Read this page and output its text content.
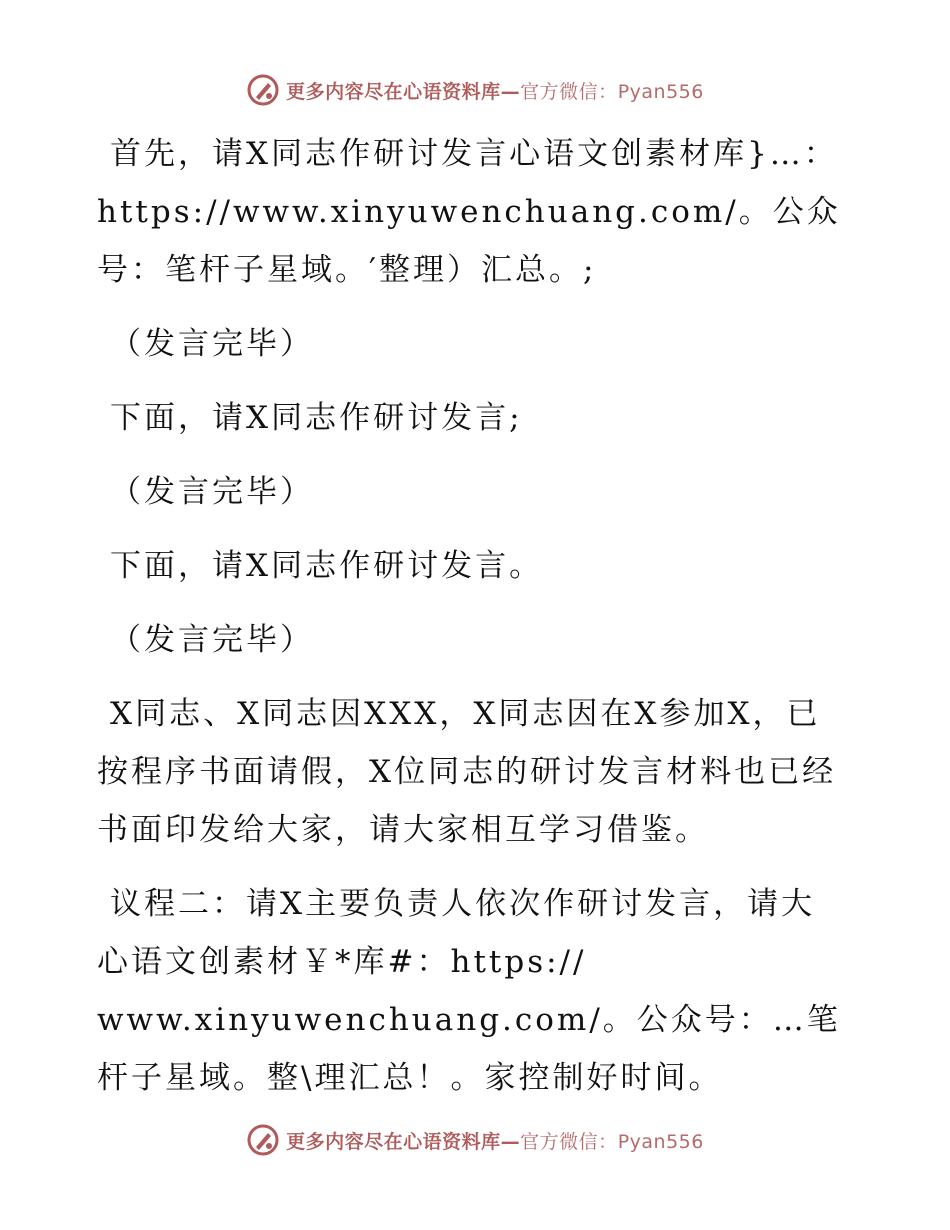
更多内容尽在心语资料库—官方微信：Pyan556

首先，请X同志作研讨发言心语文创素材库}…：https://www.xinyuwenchuang.com/。公众号：笔杆子星域。′整理）汇总。;

（发言完毕）

下面，请X同志作研讨发言;

（发言完毕）

下面，请X同志作研讨发言。

（发言完毕）

X同志、X同志因XXX，X同志因在X参加X，已按程序书面请假，X位同志的研讨发言材料也已经书面印发给大家，请大家相互学习借鉴。

议程二：请X主要负责人依次作研讨发言，请大心语文创素材￥*库#：https://
www.xinyuwenchuang.com/。公众号：…笔杆子星域。整\理汇总！。家控制好时间。

更多内容尽在心语资料库—官方微信：Pyan556
